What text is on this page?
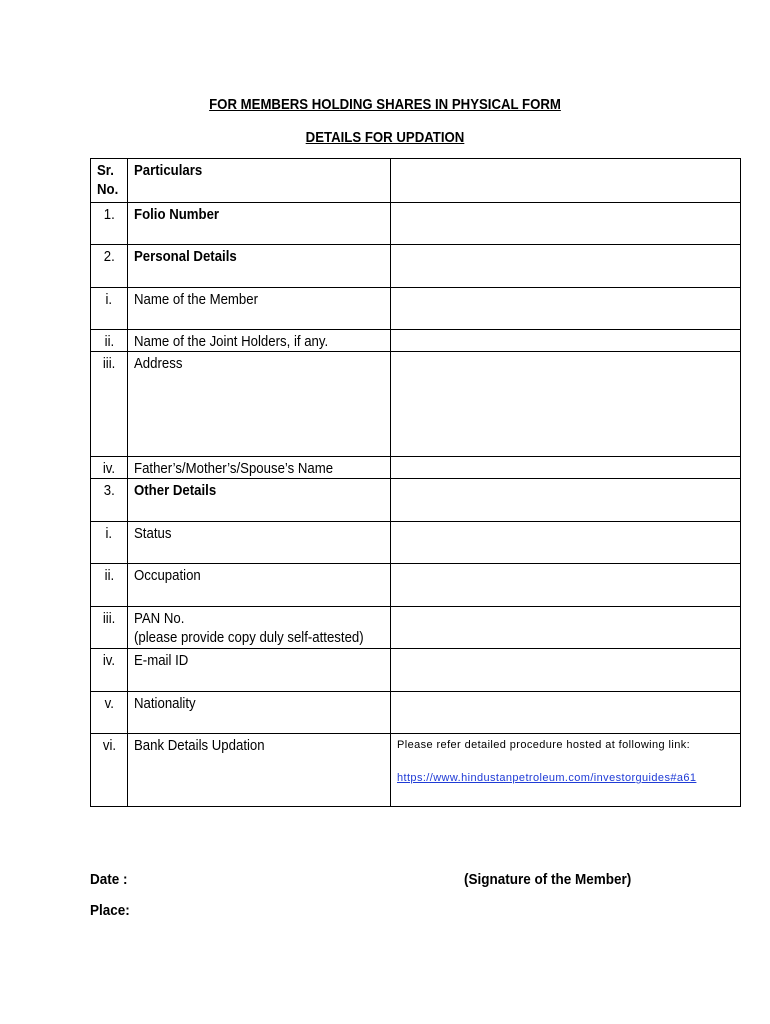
FOR MEMBERS HOLDING SHARES IN PHYSICAL FORM
DETAILS FOR UPDATION
Sr. No.	Particulars	
1.	Folio Number	
2.	Personal Details	
i.	Name of the Member	
ii.	Name of the Joint Holders, if any.	
iii.	Address	
iv.	Father’s/Mother’s/Spouse’s Name	
3.	Other Details	
i.	Status	
ii.	Occupation	
iii.	PAN No.
(please provide copy duly self-attested)	
iv.	E-mail ID	
v.	Nationality	
vi.	Bank Details Updation	Please refer detailed procedure hosted at following link:
https://www.hindustanpetroleum.com/investorguides#a61
Date :
Place:
(Signature of the Member)
